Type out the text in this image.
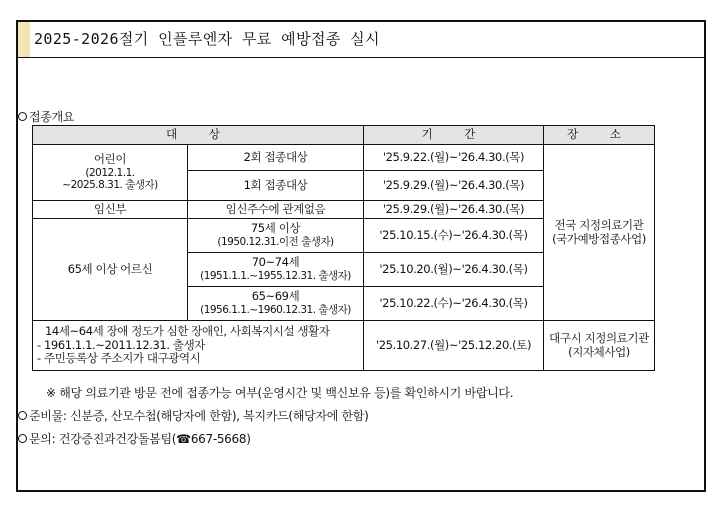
2025-2026절기 인플루엔자 무료 예방접종 실시
접종개요
대　상		기　간	장　소

어린이
(2012.1.1.
~2025.8.31. 출생자)	2회 접종대상	'25.9.22.(월)~'26.4.30.(목)	전국 지정의료기관
(국가예방접종사업)

	1회 접종대상	'25.9.29.(월)~'26.4.30.(목)	
임신부	임신주수에 관계없음	'25.9.29.(월)~'26.4.30.(목)	
65세 이상 어르신	75세 이상
(1950.12.31.이전 출생자)	'25.10.15.(수)~'26.4.30.(목)	

	70~74세
(1951.1.1.~1955.12.31. 출생자)	'25.10.20.(월)~'26.4.30.(목)	

	65~69세
(1956.1.1.~1960.12.31. 출생자)	'25.10.22.(수)~'26.4.30.(목)	

14세~64세 장애 정도가 심한 장애인, 사회복지시설 생활자
- 1961.1.1.~2011.12.31. 출생자
- 주민등록상 주소지가 대구광역시		'25.10.27.(월)~'25.12.20.(토)	대구시 지정의료기관
(지자체사업)
※ 해당 의료기관 방문 전에 접종가능 여부(운영시간 및 백신보유 등)를 확인하시기 바랍니다.
준비물: 신분증, 산모수첩(해당자에 한함), 복지카드(해당자에 한함)
문의: 건강증진과건강돌봄팀(☎667-5668)
